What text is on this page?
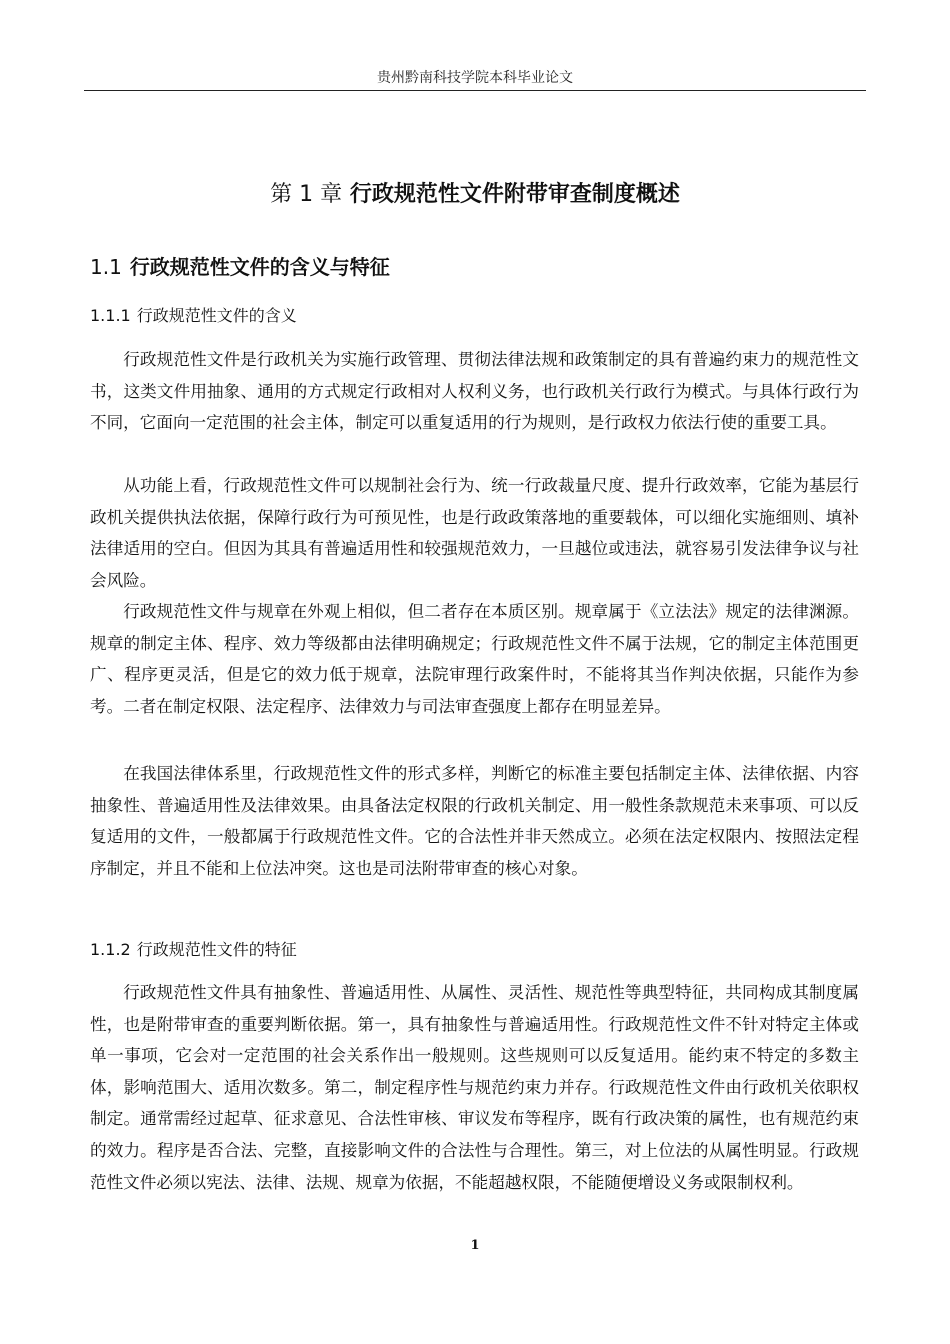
贵州黔南科技学院本科毕业论文
第 1 章 行政规范性文件附带审查制度概述
1.1 行政规范性文件的含义与特征
1.1.1 行政规范性文件的含义

行政规范性文件是行政机关为实施行政管理、贯彻法律法规和政策制定的具有普遍约束力的规范性文书，这类文件用抽象、通用的方式规定行政相对人权利义务，也行政机关行政行为模式。与具体行政行为不同，它面向一定范围的社会主体，制定可以重复适用的行为规则，是行政权力依法行使的重要工具。

从功能上看，行政规范性文件可以规制社会行为、统一行政裁量尺度、提升行政效率，它能为基层行政机关提供执法依据，保障行政行为可预见性，也是行政政策落地的重要载体，可以细化实施细则、填补法律适用的空白。但因为其具有普遍适用性和较强规范效力，一旦越位或违法，就容易引发法律争议与社会风险。

行政规范性文件与规章在外观上相似，但二者存在本质区别。规章属于《立法法》规定的法律渊源。规章的制定主体、程序、效力等级都由法律明确规定；行政规范性文件不属于法规，它的制定主体范围更广、程序更灵活，但是它的效力低于规章，法院审理行政案件时，不能将其当作判决依据，只能作为参考。二者在制定权限、法定程序、法律效力与司法审查强度上都存在明显差异。

在我国法律体系里，行政规范性文件的形式多样，判断它的标准主要包括制定主体、法律依据、内容抽象性、普遍适用性及法律效果。由具备法定权限的行政机关制定、用一般性条款规范未来事项、可以反复适用的文件，一般都属于行政规范性文件。它的合法性并非天然成立。必须在法定权限内、按照法定程序制定，并且不能和上位法冲突。这也是司法附带审查的核心对象。

1.1.2 行政规范性文件的特征

行政规范性文件具有抽象性、普遍适用性、从属性、灵活性、规范性等典型特征，共同构成其制度属性，也是附带审查的重要判断依据。第一，具有抽象性与普遍适用性。行政规范性文件不针对特定主体或单一事项，它会对一定范围的社会关系作出一般规则。这些规则可以反复适用。能约束不特定的多数主体，影响范围大、适用次数多。第二，制定程序性与规范约束力并存。行政规范性文件由行政机关依职权制定。通常需经过起草、征求意见、合法性审核、审议发布等程序，既有行政决策的属性，也有规范约束的效力。程序是否合法、完整，直接影响文件的合法性与合理性。第三，对上位法的从属性明显。行政规范性文件必须以宪法、法律、法规、规章为依据，不能超越权限，不能随便增设义务或限制权利。

1
